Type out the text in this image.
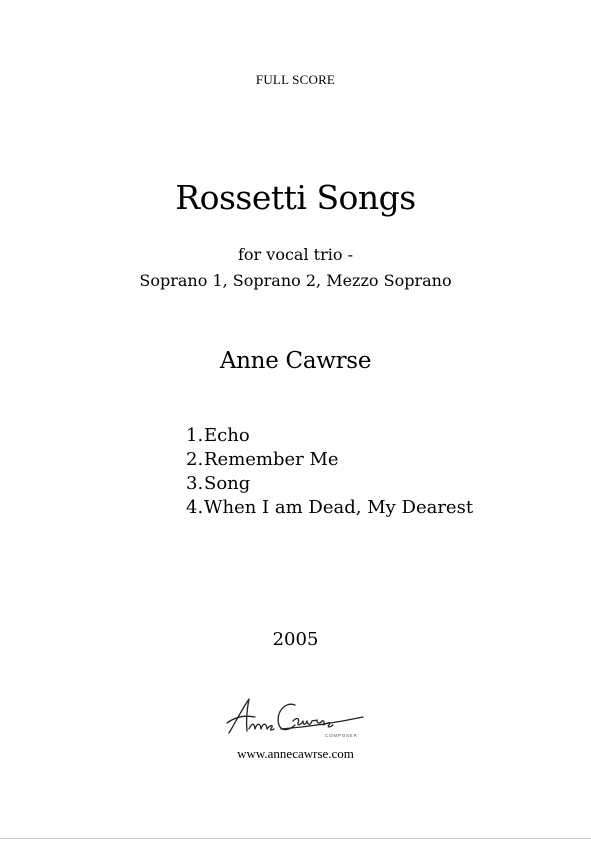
FULL SCORE
Rossetti Songs
for vocal trio -
Soprano 1, Soprano 2, Mezzo Soprano
Anne Cawrse
1.Echo
2.Remember Me
3.Song
4.When I am Dead, My Dearest
2005
COMPOSER
www.annecawrse.com
